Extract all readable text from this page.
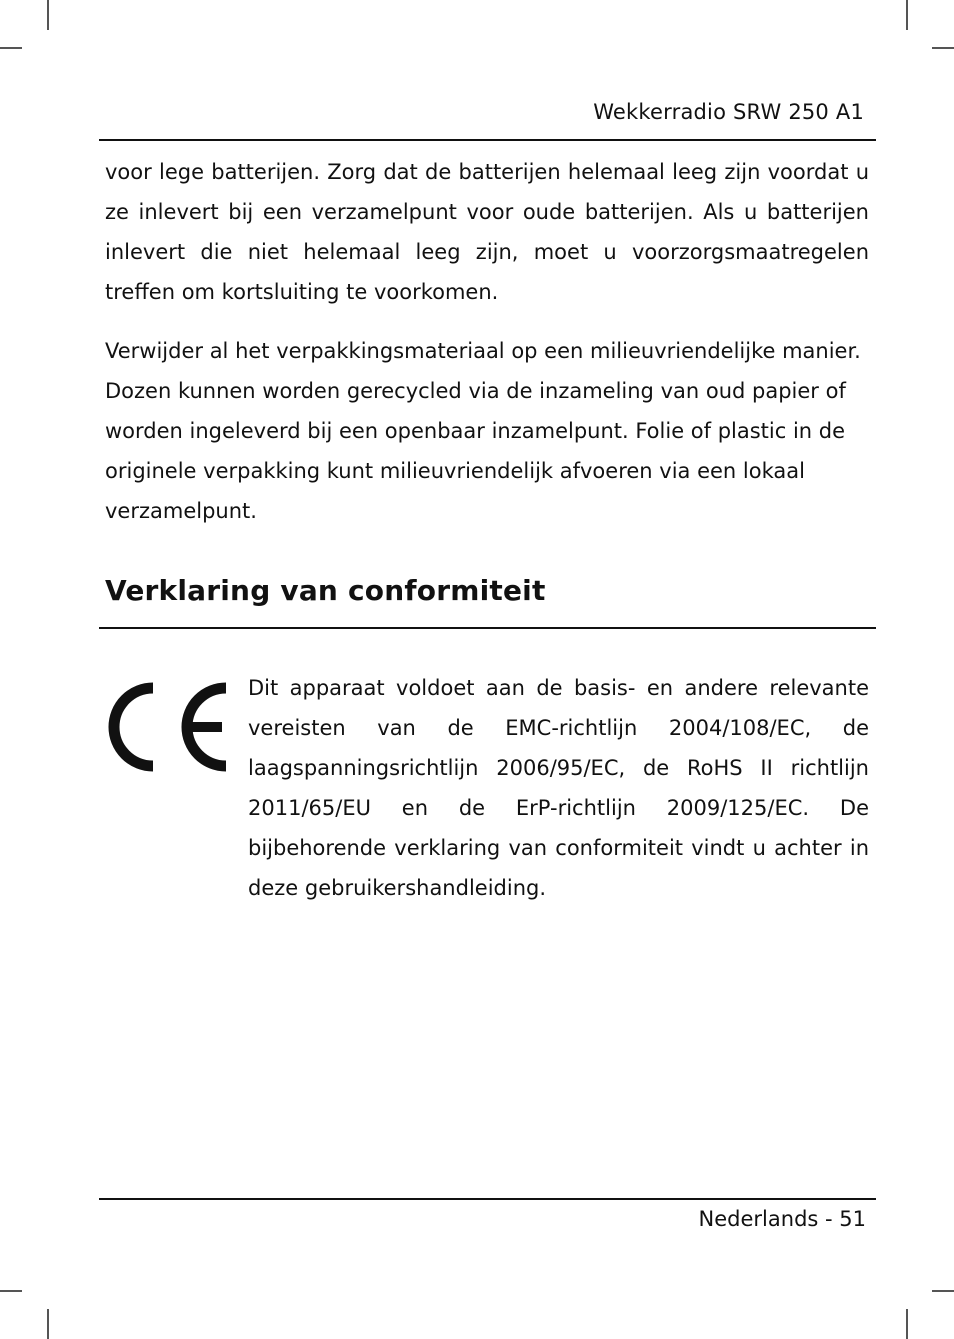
Wekkerradio SRW 250 A1

voor lege batterijen. Zorg dat de batterijen helemaal leeg zijn voordat u ze inlevert bij een verzamelpunt voor oude batterijen. Als u batterijen inlevert die niet helemaal leeg zijn, moet u voorzorgsmaatregelen treffen om kortsluiting te voorkomen.

Verwijder al het verpakkingsmateriaal op een milieuvriendelijke manier. Dozen kunnen worden gerecycled via de inzameling van oud papier of worden ingeleverd bij een openbaar inzamelpunt. Folie of plastic in de originele verpakking kunt milieuvriendelijk afvoeren via een lokaal verzamelpunt.

Verklaring van conformiteit

Dit apparaat voldoet aan de basis- en andere relevante vereisten van de EMC-richtlijn 2004/108/EC, de laagspanningsrichtlijn 2006/95/EC, de RoHS II richtlijn 2011/65/EU en de ErP-richtlijn 2009/125/EC. De bijbehorende verklaring van conformiteit vindt u achter in deze gebruikershandleiding.

Nederlands - 51
